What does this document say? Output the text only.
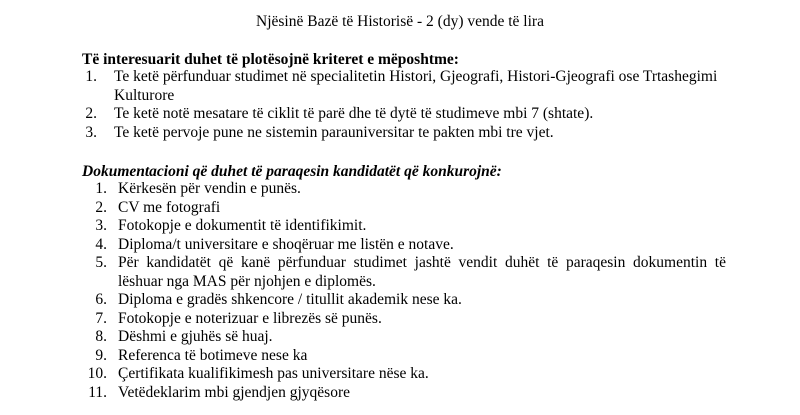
Njësinë Bazë të Historisë - 2 (dy) vende të lira
Të interesuarit duhet të plotësojnë kriteret e mëposhtme:
1. Te ketë përfunduar studimet në specialitetin Histori, Gjeografi, Histori-Gjeografi ose Trtashegimi Kulturore
2. Te ketë notë mesatare të ciklit të parë dhe të dytë të studimeve mbi 7 (shtate).
3. Te ketë pervoje pune ne sistemin parauniversitar te pakten mbi tre vjet.
Dokumentacioni që duhet të paraqesin kandidatët që konkurojnë:
1. Kërkesën për vendin e punës.
2. CV me fotografi
3. Fotokopje e dokumentit të identifikimit.
4. Diploma/t universitare e shoqëruar me listën e notave.
5. Për kandidatët që kanë përfunduar studimet jashtë vendit duhët të paraqesin dokumentin të lëshuar nga MAS për njohjen e diplomës.
6. Diploma e gradës shkencore / titullit akademik nese ka.
7. Fotokopje e noterizuar e librezës së punës.
8. Dëshmi e gjuhës së huaj.
9. Referenca të botimeve nese ka
10. Çertifikata kualifikimesh pas universitare nëse ka.
11. Vetëdeklarim mbi gjendjen gjyqësore
